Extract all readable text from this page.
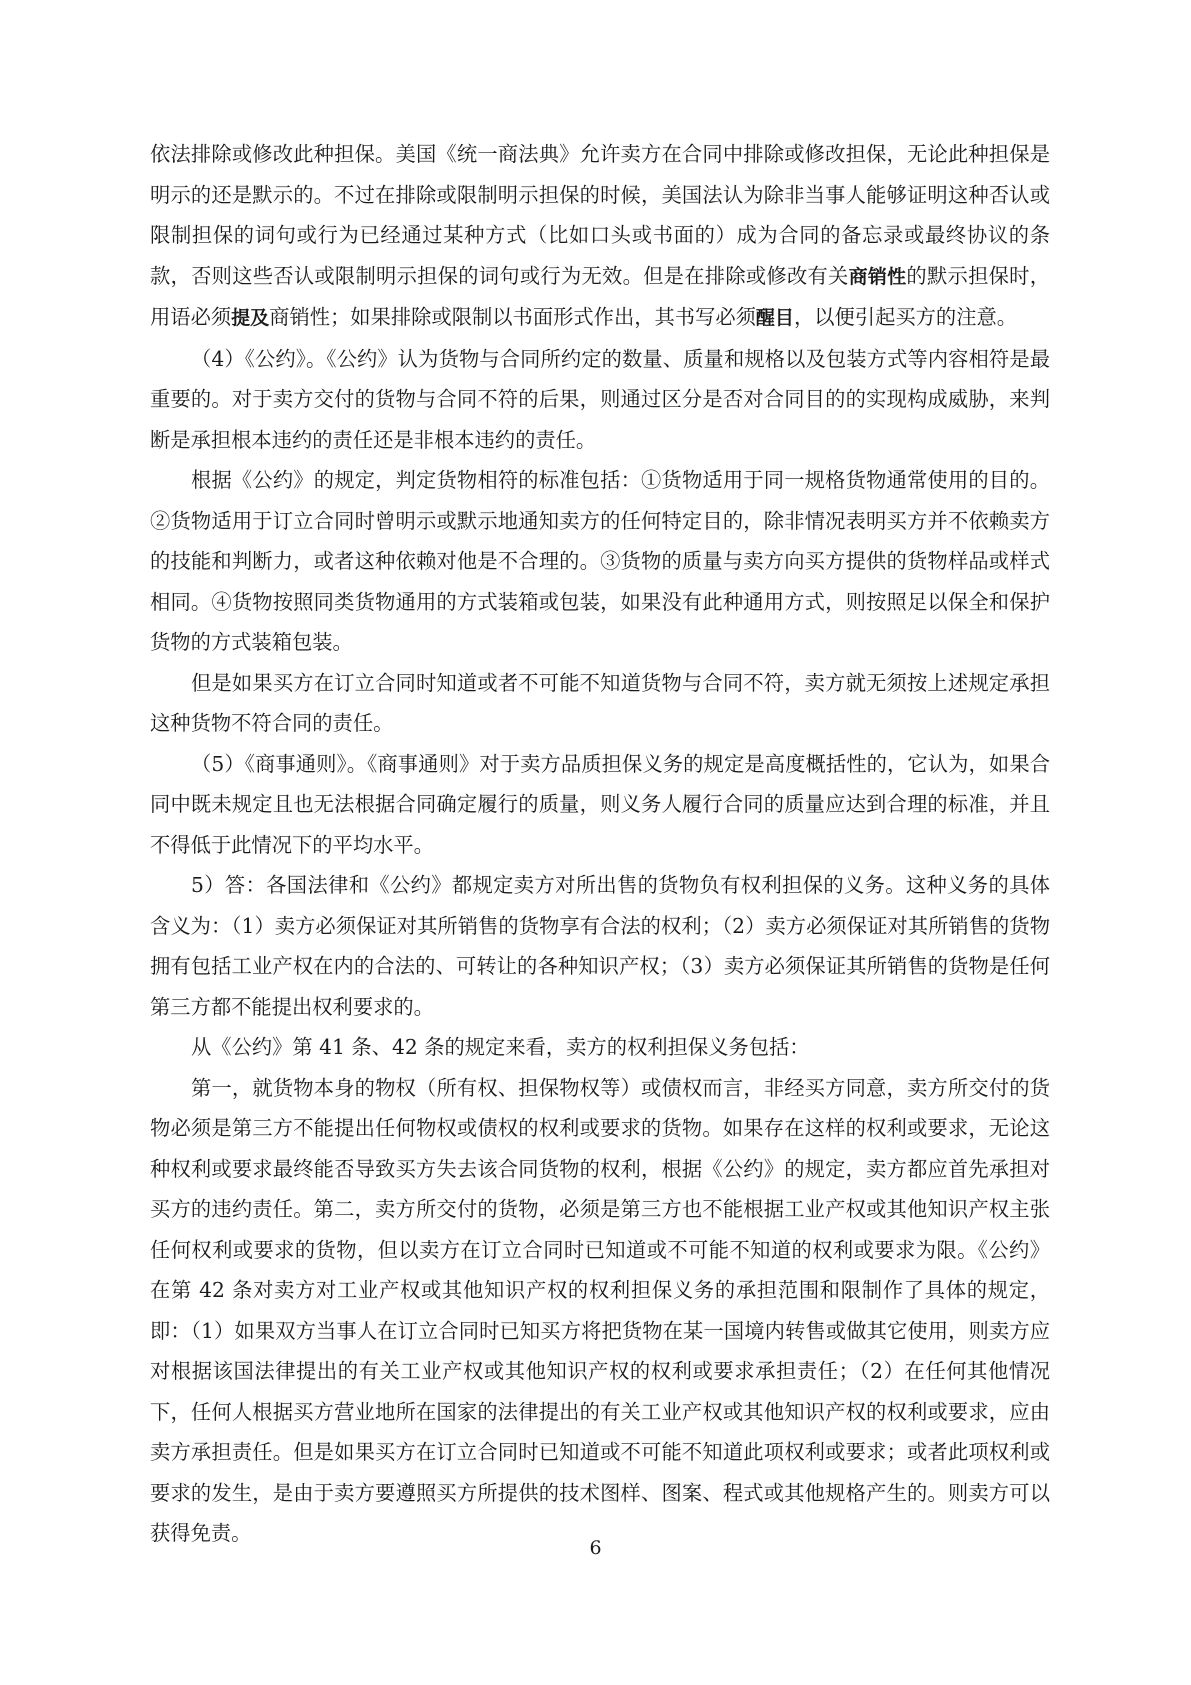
依法排除或修改此种担保。美国《统一商法典》允许卖方在合同中排除或修改担保，无论此种担保是明示的还是默示的。不过在排除或限制明示担保的时候，美国法认为除非当事人能够证明这种否认或限制担保的词句或行为已经通过某种方式（比如口头或书面的）成为合同的备忘录或最终协议的条款，否则这些否认或限制明示担保的词句或行为无效。但是在排除或修改有关商销性的默示担保时，用语必须提及商销性；如果排除或限制以书面形式作出，其书写必须醒目，以便引起买方的注意。

（4）《公约》。《公约》认为货物与合同所约定的数量、质量和规格以及包装方式等内容相符是最重要的。对于卖方交付的货物与合同不符的后果，则通过区分是否对合同目的的实现构成威胁，来判断是承担根本违约的责任还是非根本违约的责任。

根据《公约》的规定，判定货物相符的标准包括：①货物适用于同一规格货物通常使用的目的。②货物适用于订立合同时曾明示或默示地通知卖方的任何特定目的，除非情况表明买方并不依赖卖方的技能和判断力，或者这种依赖对他是不合理的。③货物的质量与卖方向买方提供的货物样品或样式相同。④货物按照同类货物通用的方式装箱或包装，如果没有此种通用方式，则按照足以保全和保护货物的方式装箱包装。

但是如果买方在订立合同时知道或者不可能不知道货物与合同不符，卖方就无须按上述规定承担这种货物不符合同的责任。

（5）《商事通则》。《商事通则》对于卖方品质担保义务的规定是高度概括性的，它认为，如果合同中既未规定且也无法根据合同确定履行的质量，则义务人履行合同的质量应达到合理的标准，并且不得低于此情况下的平均水平。

5）答：各国法律和《公约》都规定卖方对所出售的货物负有权利担保的义务。这种义务的具体含义为：（1）卖方必须保证对其所销售的货物享有合法的权利；（2）卖方必须保证对其所销售的货物拥有包括工业产权在内的合法的、可转让的各种知识产权；（3）卖方必须保证其所销售的货物是任何第三方都不能提出权利要求的。

从《公约》第 41 条、42 条的规定来看，卖方的权利担保义务包括：

第一，就货物本身的物权（所有权、担保物权等）或债权而言，非经买方同意，卖方所交付的货物必须是第三方不能提出任何物权或债权的权利或要求的货物。如果存在这样的权利或要求，无论这种权利或要求最终能否导致买方失去该合同货物的权利，根据《公约》的规定，卖方都应首先承担对买方的违约责任。第二，卖方所交付的货物，必须是第三方也不能根据工业产权或其他知识产权主张任何权利或要求的货物，但以卖方在订立合同时已知道或不可能不知道的权利或要求为限。《公约》在第 42 条对卖方对工业产权或其他知识产权的权利担保义务的承担范围和限制作了具体的规定，即：（1）如果双方当事人在订立合同时已知买方将把货物在某一国境内转售或做其它使用，则卖方应对根据该国法律提出的有关工业产权或其他知识产权的权利或要求承担责任；（2）在任何其他情况下，任何人根据买方营业地所在国家的法律提出的有关工业产权或其他知识产权的权利或要求，应由卖方承担责任。但是如果买方在订立合同时已知道或不可能不知道此项权利或要求；或者此项权利或要求的发生，是由于卖方要遵照买方所提供的技术图样、图案、程式或其他规格产生的。则卖方可以获得免责。

6
